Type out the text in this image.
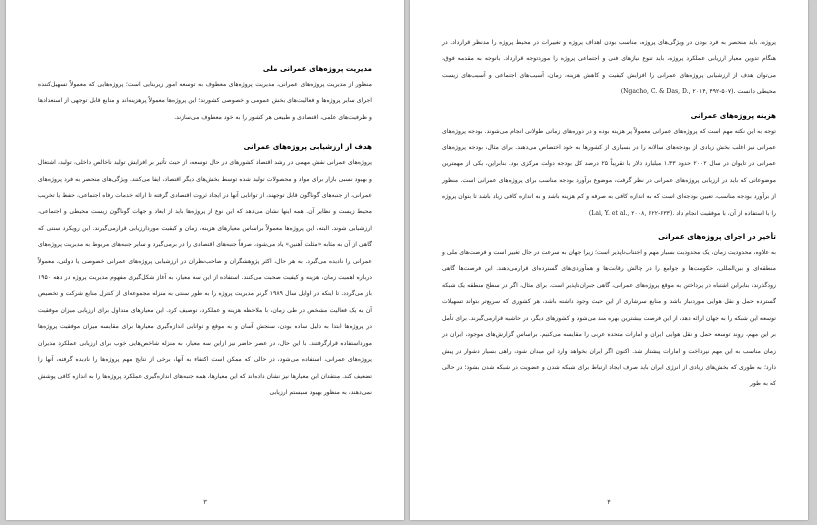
مدیریت پروژه‌های عمرانی ملی

منظور از مدیریت پروژه‌های عمرانی، مدیریت پروژه‌های معطوف به توسعه امور زیربنایی است؛ پروژه‌هایی که معمولاً تسهیل‌کننده اجرای سایر پروژه‌ها و فعالیت‌های بخش عمومی و خصوصی کشورند؛ این پروژه‌ها معمولاً پرهزینه‌اند و منابع قابل توجهی از استعدادها و ظرفیت‌های علمی، اقتصادی و طبیعی هر کشور را به خود معطوف می‌سازند.

هدف از ارزشیابی پروژه‌های عمرانی

پروژه‌های عمرانی نقش مهمی در رشد اقتصاد کشورهای در حال توسعه، از حیث تأثیر بر افزایش تولید ناخالص داخلی، تولید، اشتغال و بهبود نسبی بازار برای مواد و محصولات تولید شده توسط بخش‌های دیگر اقتصاد، ایفا می‌کنند. ویژگی‌های منحصر به فرد پروژه‌های عمرانی، از جنبه‌های گوناگون قابل توجهند، از توانایی آنها در ایجاد ثروت اقتصادی گرفته تا ارائه خدمات رفاه اجتماعی، حفظ یا تخریب محیط زیست و نظایر آن. همه اینها نشان می‌دهد که این نوع از پروژه‌ها باید از ابعاد و جهات گوناگون زیست محیطی و اجتماعی، ارزشیابی شوند. البته، این پروژه‌ها معمولاً براساس معیارهای هزینه، زمان و کیفیت موردارزیابی قرارمی‌گیرند. این رویکرد سنتی که گاهی از آن به مثابه «مثلث آهنین» یاد می‌شود، صرفاً جنبه‌های اقتصادی را در برمی‌گیرد و سایر جنبه‌های مربوط به مدیریت پروژه‌های عمرانی را نادیده می‌گیرد. به هر حال، اکثر پژوهشگران و صاحب‌نظران در ارزشیابی پروژه‌های عمرانی خصوصی یا دولتی، معمولاً درباره اهمیت زمان، هزینه و کیفیت صحبت می‌کنند. استفاده از این سه معیار، به آغاز شکل‌گیری مفهوم مدیریت پروژه در دهه ۱۹۵۰ باز می‌گردد. تا اینکه در اوایل سال ۱۹۸۹ گرنر مدیریت پروژه را به طور سنتی به منزله مجموعه‌ای از کنترل منابع شرکت و تخصیص آن به یک فعالیت مشخص در طی زمان، با ملاحظه هزینه و عملکرد، توصیف کرد. این معیارهای متداول برای ارزیابی میزان موفقیت در پروژه‌ها ابتدا به دلیل ساده بودن، سنجش آسان و به موقع و توانایی اندازه‌گیری معیارها برای مقایسه میزان موفقیت پروژه‌ها مورداستفاده قرارگرفتند. با این حال، در عصر حاضر نیز ازاین سه معیار، به منزله شاخص‌هایی خوب برای ارزیابی عملکرد مدیران پروژه‌های عمرانی، استفاده می‌شود، در حالی که ممکن است اکتفاء به آنها، برخی از نتایج مهم پروژه‌ها را نادیده گرفته، آنها را تضعیف کند. منتقدان این معیارها نیز نشان داده‌اند که این معیارها، همه جنبه‌های اندازه‌گیری عملکرد پروژه‌ها را به اندازه کافی پوشش نمی‌دهند، به منظور بهبود سیستم ارزیابی

۳

پروژه، باید منحصر به فرد بودن در ویژگی‌های پروژه، مناسب بودن اهداف پروژه و تغییرات در محیط پروژه را مدنظر قرارداد. در هنگام تدوین معیار ارزیابی عملکرد پروژه، باید تنوع نیازهای فنی و اجتماعی پروژه را موردتوجه قرارداد. باتوجه به مقدمه فوق، می‌توان هدف از ارزشیابی پروژه‌های عمرانی را افزایش کیفیت و کاهش هزینه، زمان، آسیب‌های اجتماعی و آسیب‌های زیست محیطی دانست (Ngacho, C. & Das, D., ۲۰۱۴, ۴۹۲-۵۰۷).

هزینه پروژه‌های عمرانی

توجه به این نکته مهم است که پروژه‌های عمرانی معمولاً پر هزینه بوده و در دوره‌های زمانی طولانی انجام می‌شوند. بودجه پروژه‌های عمرانی نیز اغلب بخش زیادی از بودجه‌های سالانه را در بسیاری از کشورها به خود اختصاص می‌دهند. برای مثال، بودجه پروژه‌های عمرانی در تایوان در سال ۲۰۰۲ حدود ۱.۳۳ میلیارد دلار یا تقریباً ۲۵ درصد کل بودجه دولت مرکزی بود. بنابراین، یکی از مهمترین موضوعاتی که باید در ارزیابی پروژه‌های عمرانی در نظر گرفت، موضوع برآورد بودجه مناسب برای پروژه‌های عمرانی است. منظور از برآورد بودجه مناسب، تعیین بودجه‌ای است که به اندازه کافی به صرفه و کم هزینه باشد و به اندازه کافی زیاد باشد تا بتوان پروژه را با استفاده از آن، با موفقیت انجام داد (Lai, Y. et al., ۲۰۰۸, ۶۲۲-۶۳۳).

تأخیر در اجرای پروژه‌های عمرانی

به علاوه، محدودیت زمان، یک محدودیت بسیار مهم و اجتناب‌ناپذیر است؛ زیرا جهان به سرعت در حال تغییر است و فرصت‌های ملی و منطقه‌ای و بین‌المللی، حکومت‌ها و جوامع را در چالش رقابت‌ها و همآوردی‌های گسترده‌ای قرارمی‌دهند. این فرصت‌ها گاهی زودگذرند، بنابراین اشتباه در پرداختن به موقع پروژه‌های عمرانی، گاهی جبران‌ناپذیر است. برای مثال، اگر در سطح منطقه یک شبکه گسترده حمل و نقل هوایی موردنیاز باشد و منابع سرشاری از این حیث وجود داشته باشد، هر کشوری که سریع‌تر بتواند تسهیلات توسعه این شبکه را به جهان ارائه دهد، از این فرصت بیشترین بهره مند می‌شود و کشورهای دیگر، در حاشیه قرارمی‌گیرند. برای تأمل بر این مهم، روند توسعه حمل و نقل هوایی ایران و امارات متحده عربی را مقایسه می‌کنیم. براساس گزارش‌های موجود، ایران در زمان مناسب به این مهم نپرداخت و امارات پیشتاز شد. اکنون اگر ایران بخواهد وارد این میدان شود، راهی بسیار دشوار در پیش دارد؛ به طوری که بخش‌های زیادی از انرژی ایران باید صرف ایجاد ارتباط برای شبکه شدن و عضویت در شبکه شدن بشود؛ در حالی که به طور

۴
